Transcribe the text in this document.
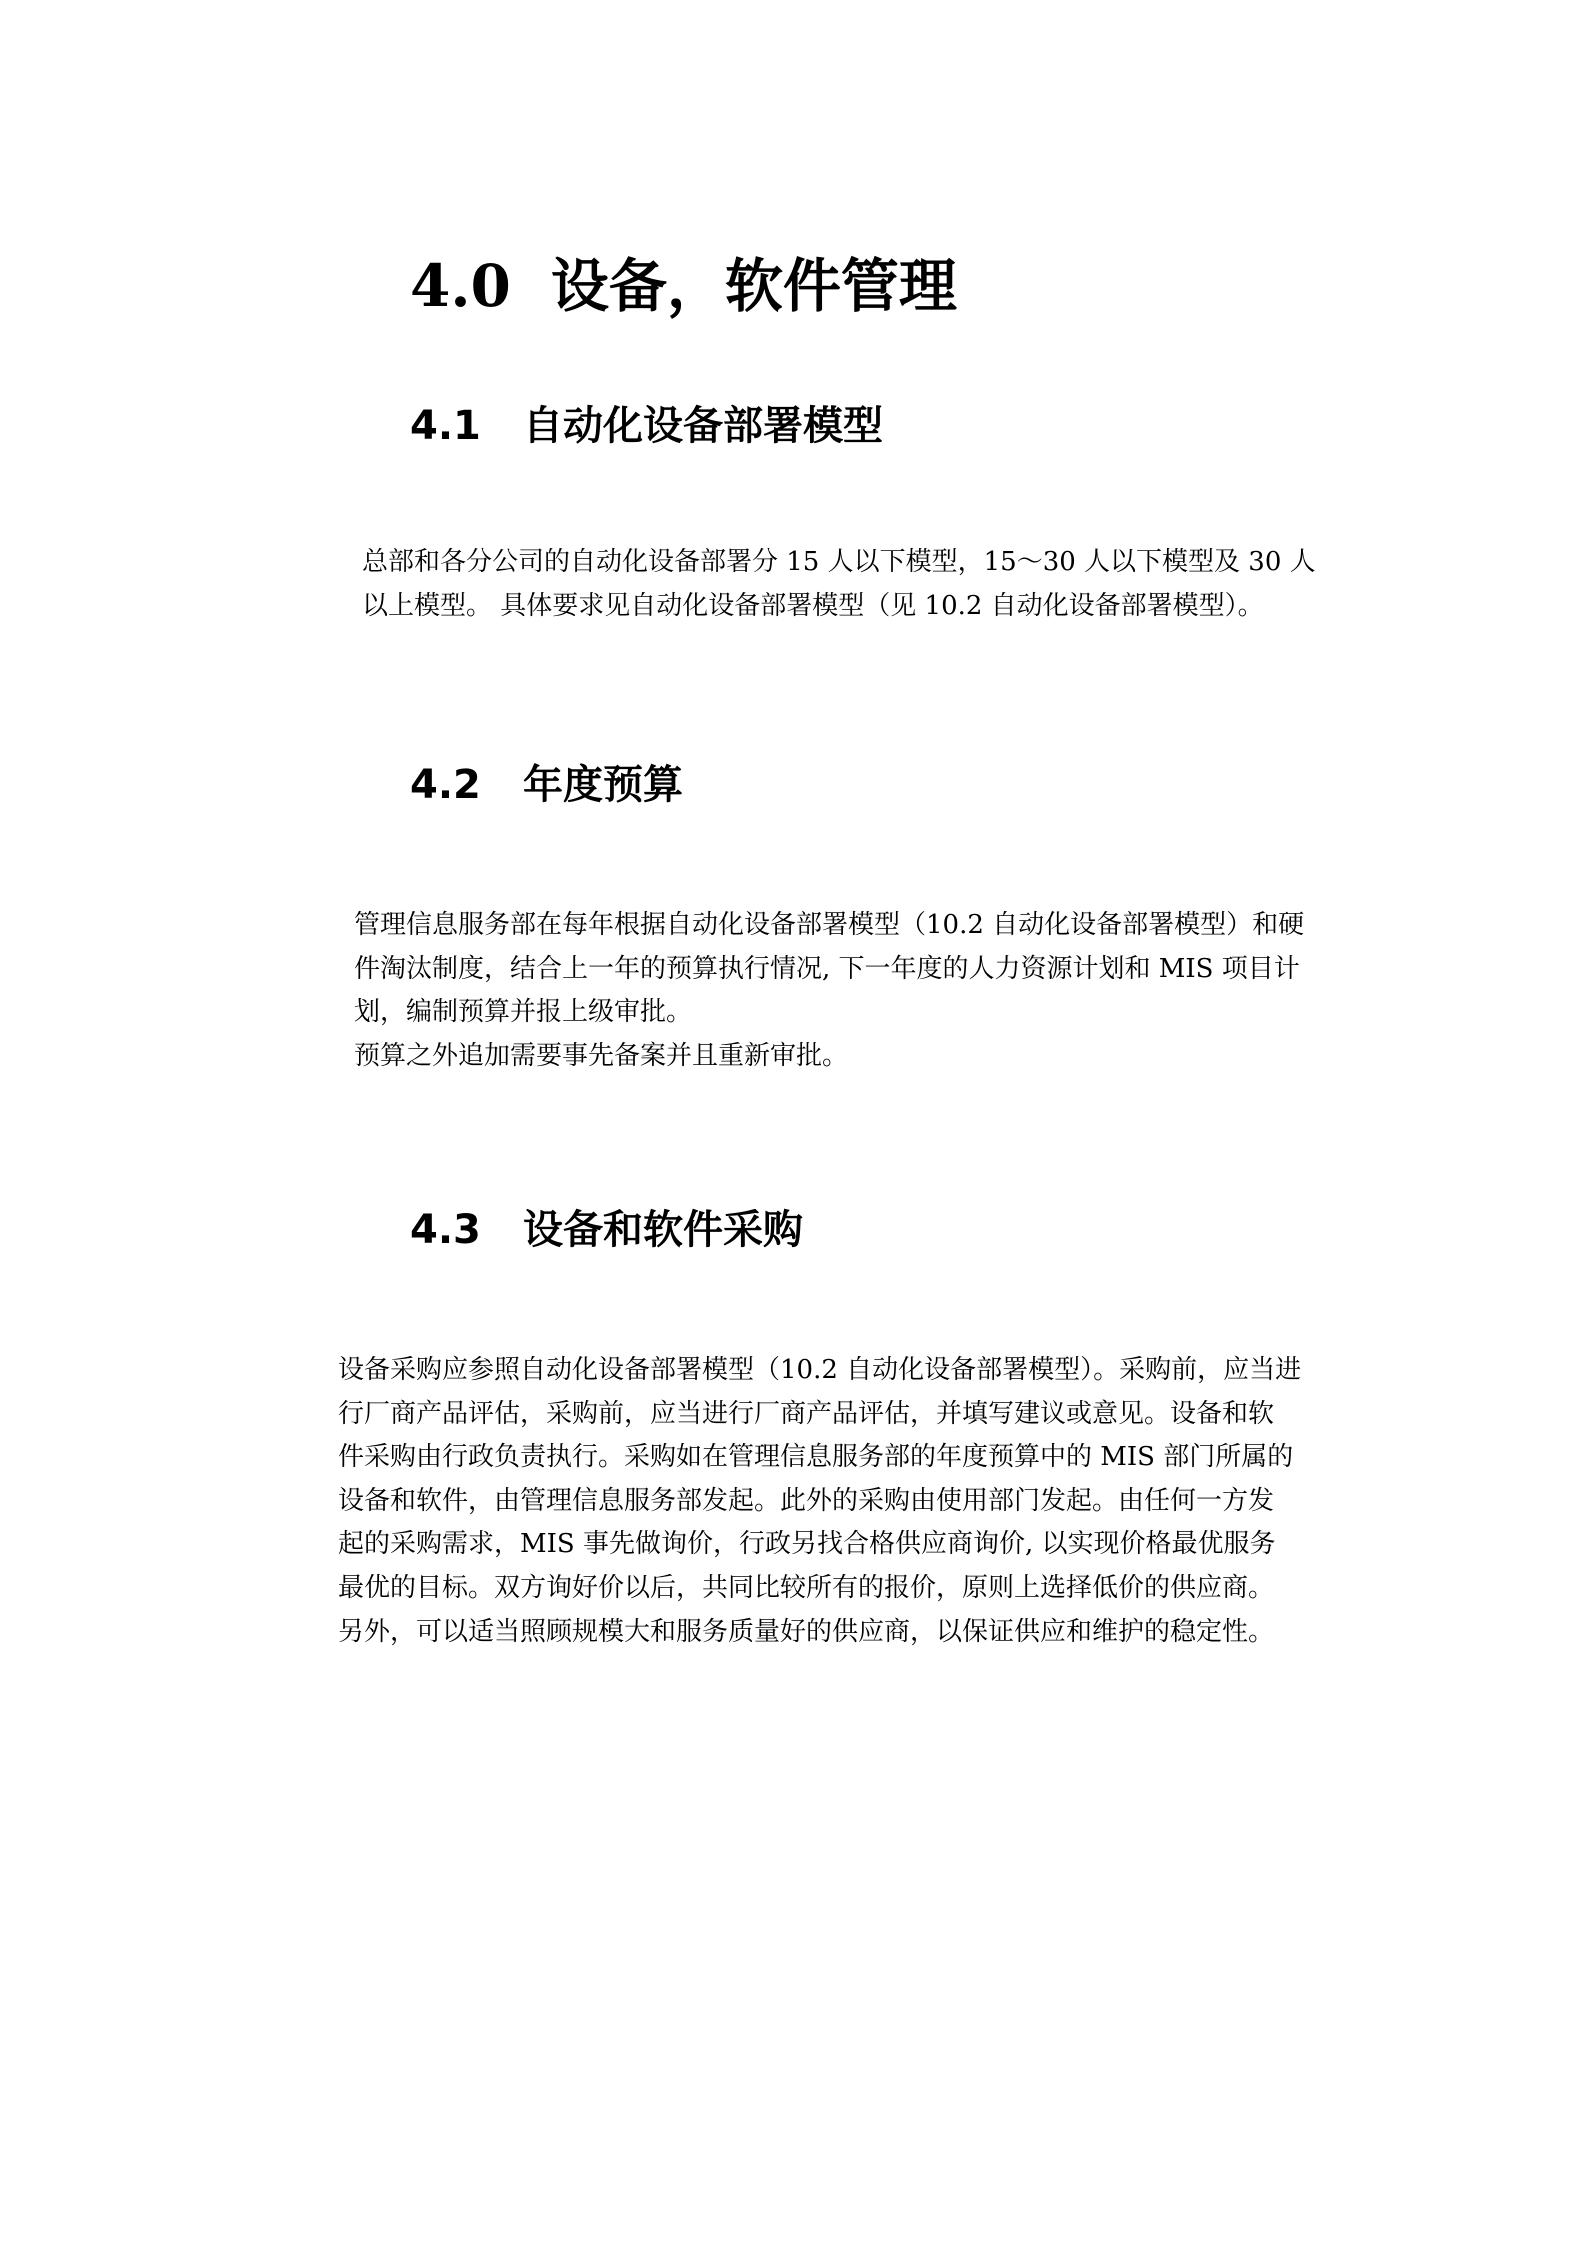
4.0 设备，软件管理
4.1 自动化设备部署模型

总部和各分公司的自动化设备部署分 15 人以下模型，15～30 人以下模型及 30 人
以上模型。 具体要求见自动化设备部署模型（见 10.2 自动化设备部署模型）。

4.2 年度预算

管理信息服务部在每年根据自动化设备部署模型（10.2 自动化设备部署模型）和硬
件淘汰制度，结合上一年的预算执行情况, 下一年度的人力资源计划和 MIS 项目计
划，编制预算并报上级审批。
预算之外追加需要事先备案并且重新审批。

4.3 设备和软件采购

设备采购应参照自动化设备部署模型（10.2 自动化设备部署模型）。采购前，应当进
行厂商产品评估，采购前，应当进行厂商产品评估，并填写建议或意见。设备和软
件采购由行政负责执行。采购如在管理信息服务部的年度预算中的 MIS 部门所属的
设备和软件，由管理信息服务部发起。此外的采购由使用部门发起。由任何一方发
起的采购需求，MIS 事先做询价，行政另找合格供应商询价, 以实现价格最优服务
最优的目标。双方询好价以后，共同比较所有的报价，原则上选择低价的供应商。
另外，可以适当照顾规模大和服务质量好的供应商，以保证供应和维护的稳定性。
